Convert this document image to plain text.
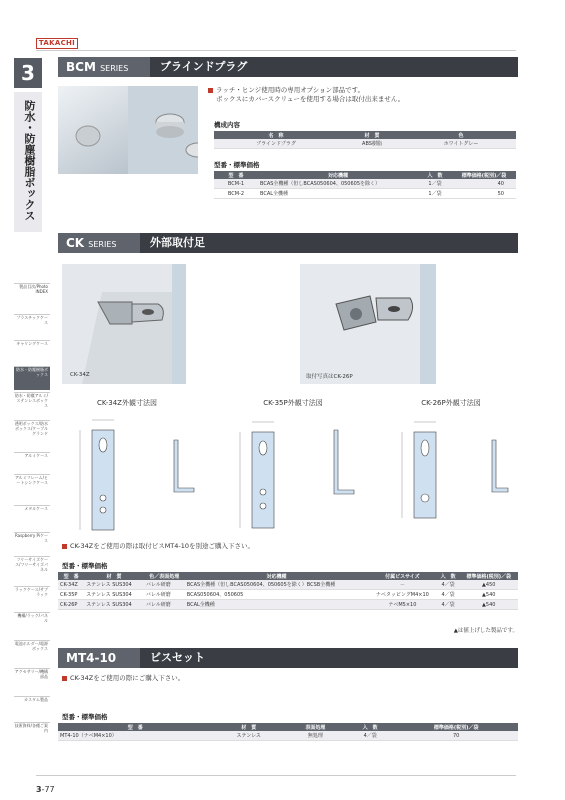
TAKACHI
3
防水・防塵樹脂ボックス
製品目次/Photo INDEX
プラスチックケース
キャリングケース
防水・防塵樹脂ボックス
防水・防塵アルミ/ステンレスボックス
透明ボックス/防水ボックス/ケーブルグランド
アルミケース
アルミフレーム/ヒートシンクケース
メタルケース
Raspberry Piケース
フリーサイズケース/フリーサイズパネル
ラックケース/サブラック
機構/ラック/パネル
電池ホルダー/電源ボックス
アクセサリー/機構部品
カスタム製品
技術資料/各種ご案内
BCM SERIES	ブラインドプラグ
ラッチ・ヒンジ使用時の専用オプション部品です。
ボックスにカバースクリューを使用する場合は取付出来ません。
構成内容
名　称	材　質	色
ブラインドプラグ	ABS樹脂	ホワイトグレー
型番・標準価格
型　番	対応機種	入　数	標準価格(税別)／袋
BCM-1	BCAS全機種（但しBCAS050604、050605を除く）	1／袋	40
BCM-2	BCAL全機種	1／袋	50
CK SERIES	外部取付足
CK-34Z	取付写真はCK-26P
CK-34Z外観寸法図	CK-35P外観寸法図	CK-26P外観寸法図
CK-34Zをご使用の際は取付ビスMT4-10を別途ご購入下さい。
型番・標準価格
型　番	材　質	色／表面処理	対応機種	付属ビスサイズ	入　数	標準価格(税別)／袋
CK-34Z	ステンレス SUS304	バレル研磨	BCAS全機種（但しBCAS050604、050605を除く）BCSB全機種	－	4／袋	▲450
CK-35P	ステンレス SUS304	バレル研磨	BCAS050604、050605	ナベタッピングM4×10	4／袋	▲540
CK-26P	ステンレス SUS304	バレル研磨	BCAL全機種	ナベM5×10	4／袋	▲540
▲は値上げした製品です。
MT4-10	ビスセット
CK-34Zをご使用の際にご購入下さい。
型番・標準価格
型　番	材　質	表面処理	入　数	標準価格(税別)／袋
MT4-10（ナベM4×10）	ステンレス	無処理	4／袋	70
3-77
